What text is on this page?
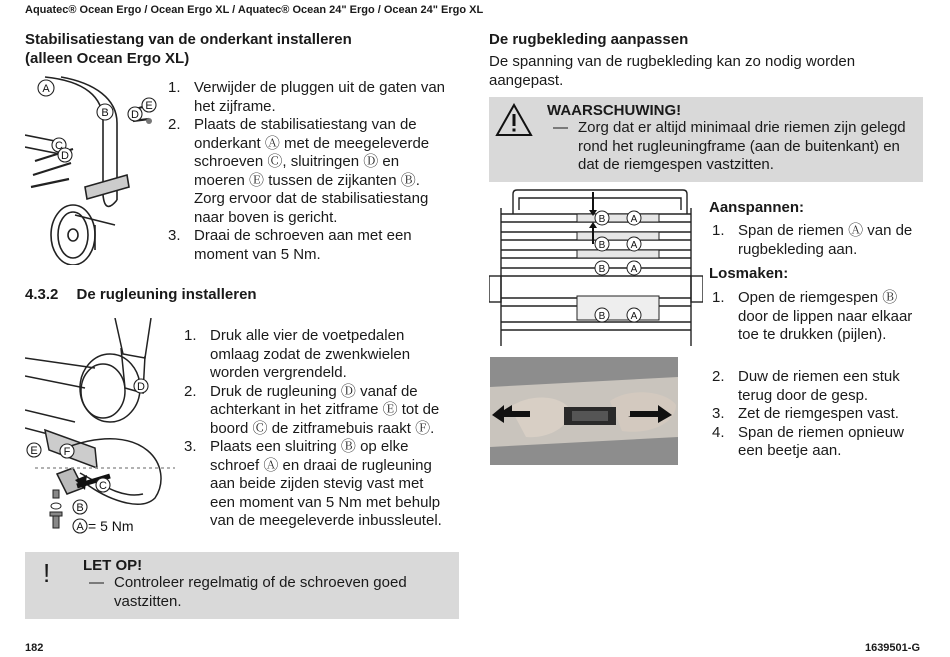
Aquatec® Ocean Ergo / Ocean Ergo XL / Aquatec® Ocean 24" Ergo / Ocean 24" Ergo XL
Stabilisatiestang van de onderkant installeren
(alleen Ocean Ergo XL)
A
B D
E
C
D
1. Verwijder de pluggen uit de gaten van
het zijframe.
2. Plaats de stabilisatiestang van de
onderkant Ⓐ met de meegeleverde
schroeven Ⓒ, sluitringen Ⓓ en
moeren Ⓔ tussen de zijkanten Ⓑ.
Zorg ervoor dat de stabilisatiestang
naar boven is gericht.
3. Draai de schroeven aan met een
moment van 5 Nm.
4.3.2 De rugleuning installeren
D
E F
C
B
A = 5 Nm
1. Druk alle vier de voetpedalen
omlaag zodat de zwenkwielen
worden vergrendeld.
2. Druk de rugleuning Ⓓ vanaf de
achterkant in het zitframe Ⓔ tot de
boord Ⓒ de zitframebuis raakt Ⓕ.
3. Plaats een sluitring Ⓑ op elke
schroef Ⓐ en draai de rugleuning
aan beide zijden stevig vast met
een moment van 5 Nm met behulp
van de meegeleverde inbussleutel.
! LET OP!
— Controleer regelmatig of de schroeven goed
vastzitten.
De rugbekleding aanpassen
De spanning van de rugbekleding kan zo nodig worden
aangepast.
WAARSCHUWING!
— Zorg dat er altijd minimaal drie riemen zijn gelegd
rond het rugleuningframe (aan de buitenkant) en
dat de riemgespen vastzitten.
B	A
B	A
B	A
B	A
Aanspannen:
1. Span de riemen Ⓐ van de
rugbekleding aan.
Losmaken:
1. Open de riemgespen Ⓑ
door de lippen naar elkaar
toe te drukken (pijlen).
2. Duw de riemen een stuk
terug door de gesp.
3. Zet de riemgespen vast.
4. Span de riemen opnieuw
een beetje aan.
182	1639501-G
